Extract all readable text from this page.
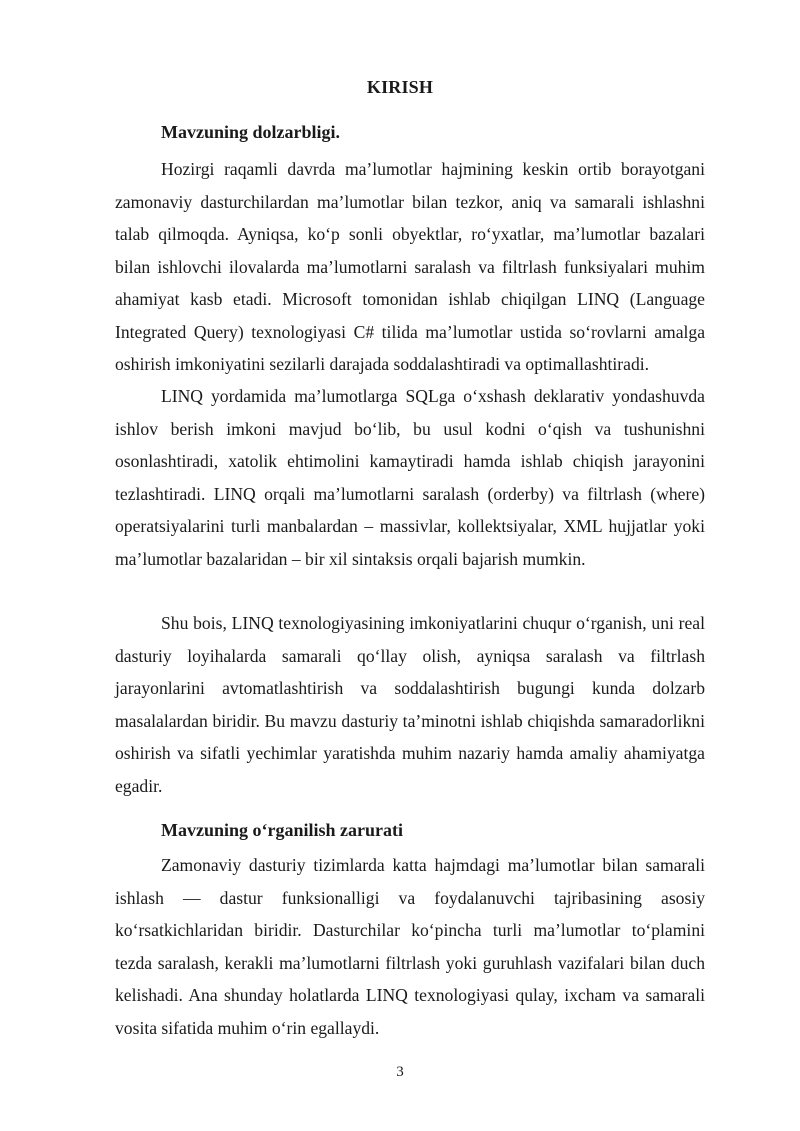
KIRISH
Mavzuning dolzarbligi.

Hozirgi raqamli davrda ma’lumotlar hajmining keskin ortib borayotgani zamonaviy dasturchilardan ma’lumotlar bilan tezkor, aniq va samarali ishlashni talab qilmoqda. Ayniqsa, ko‘p sonli obyektlar, ro‘yxatlar, ma’lumotlar bazalari bilan ishlovchi ilovalarda ma’lumotlarni saralash va filtrlash funksiyalari muhim ahamiyat kasb etadi. Microsoft tomonidan ishlab chiqilgan LINQ (Language Integrated Query) texnologiyasi C# tilida ma’lumotlar ustida so‘rovlarni amalga oshirish imkoniyatini sezilarli darajada soddalashtiradi va optimallashtiradi.

LINQ yordamida ma’lumotlarga SQLga o‘xshash deklarativ yondashuvda ishlov berish imkoni mavjud bo‘lib, bu usul kodni o‘qish va tushunishni osonlashtiradi, xatolik ehtimolini kamaytiradi hamda ishlab chiqish jarayonini tezlashtiradi. LINQ orqali ma’lumotlarni saralash (orderby) va filtrlash (where) operatsiyalarini turli manbalardan – massivlar, kollektsiyalar, XML hujjatlar yoki ma’lumotlar bazalaridan – bir xil sintaksis orqali bajarish mumkin.

Shu bois, LINQ texnologiyasining imkoniyatlarini chuqur o‘rganish, uni real dasturiy loyihalarda samarali qo‘llay olish, ayniqsa saralash va filtrlash jarayonlarini avtomatlashtirish va soddalashtirish bugungi kunda dolzarb masalalardan biridir. Bu mavzu dasturiy ta’minotni ishlab chiqishda samaradorlikni oshirish va sifatli yechimlar yaratishda muhim nazariy hamda amaliy ahamiyatga egadir.

Mavzuning o‘rganilish zarurati

Zamonaviy dasturiy tizimlarda katta hajmdagi ma’lumotlar bilan samarali ishlash — dastur funksionalligi va foydalanuvchi tajribasining asosiy ko‘rsatkichlaridan biridir. Dasturchilar ko‘pincha turli ma’lumotlar to‘plamini tezda saralash, kerakli ma’lumotlarni filtrlash yoki guruhlash vazifalari bilan duch kelishadi. Ana shunday holatlarda LINQ texnologiyasi qulay, ixcham va samarali vosita sifatida muhim o‘rin egallaydi.

3
